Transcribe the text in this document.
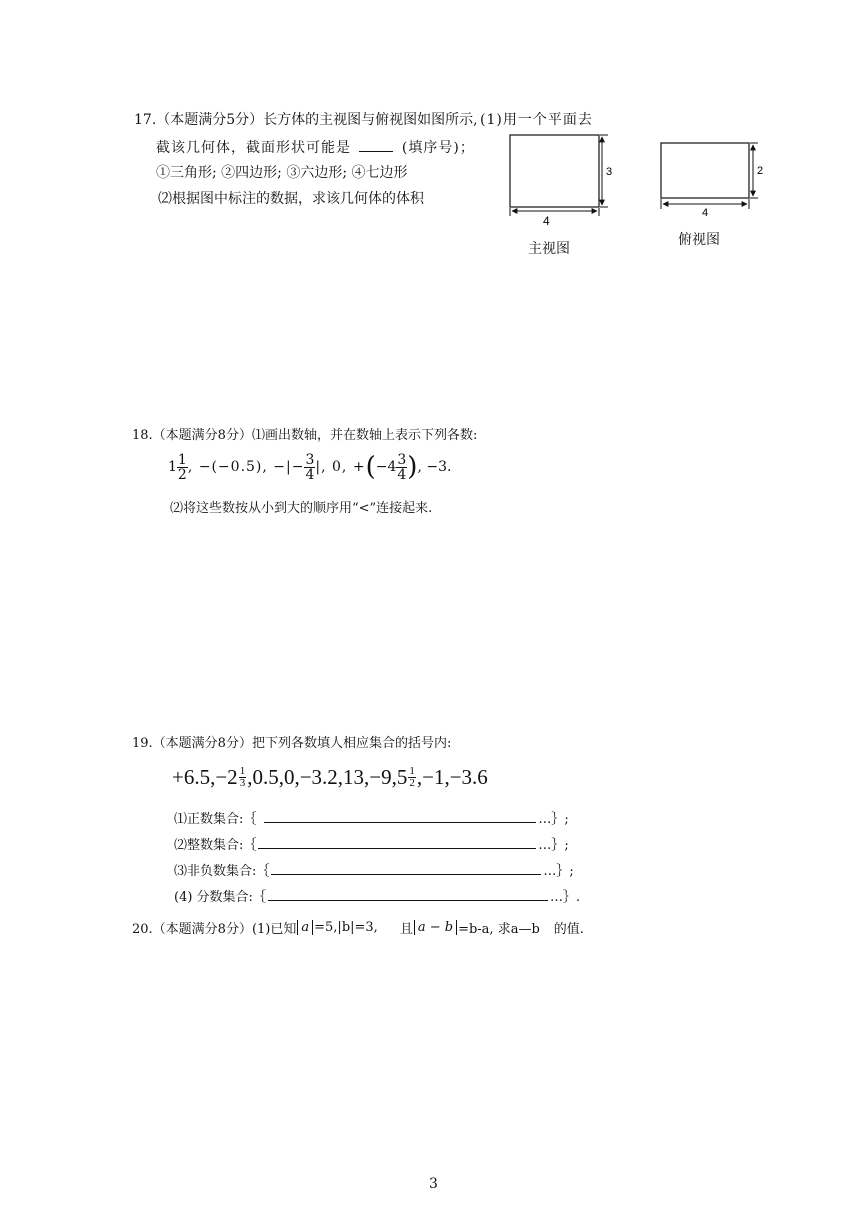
17.（本题满分5分）长方体的主视图与俯视图如图所示, (1)用一个平面去
截该几何体，截面形状可能是	(填序号)；
①三角形; ②四边形; ③六边形; ④七边形
⑵根据图中标注的数据，求该几何体的体积
4
3
主视图
4
2
俯视图
18.（本题满分8分）⑴画出数轴，并在数轴上表示下列各数:
$1 \frac{1}{2}$ , −(−0.5), −|− $\frac{3}{4}$ |, 0, + ( $-4 \frac{3}{4}$ ) , −3.
⑵将这些数按从小到大的顺序用“<”连接起来.
19.（本题满分8分）把下列各数填人相应集合的括号内:
$+6.5,-2 \frac{1}{3} ,0.5,0,-3.2,13,-9,5 \frac{1}{2} ,-1,-3.6$
⑴正数集合:｛	…｝;
⑵整数集合:｛	…｝;
⑶非负数集合:｛	…｝;
(4) 分数集合:｛	…｝.
20.（本题满分8分）(1)已知 a =5,|b|=3, 且 a − b =b-a, 求a—b 的值.
3
